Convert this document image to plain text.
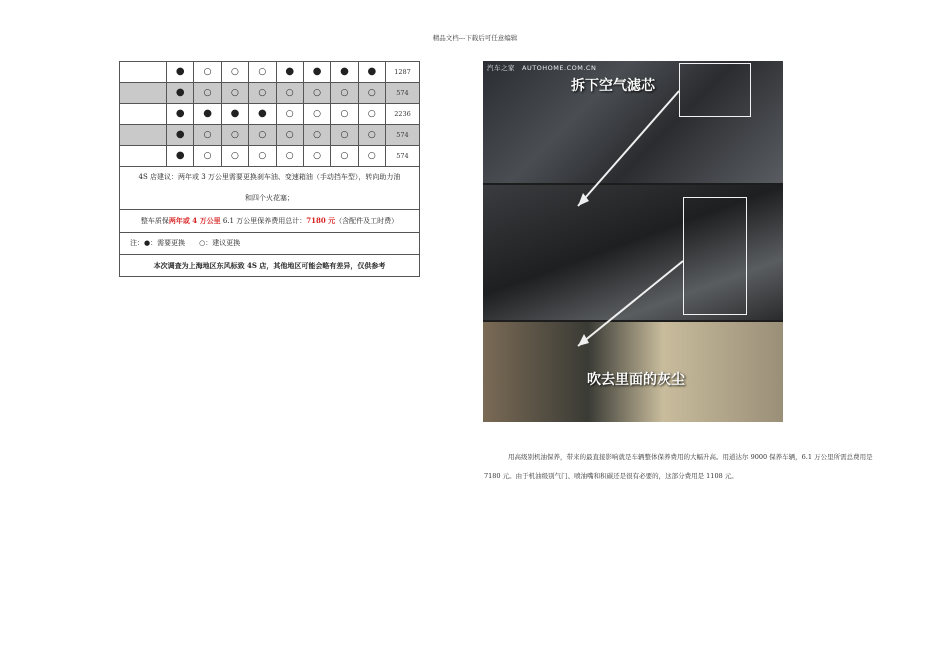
精品文档---下载后可任意编辑
	●	○	○	○	●	●	●	●	1287
	●	○	○	○	○	○	○	○	574
	●	●	●	●	○	○	○	○	2236
	●	○	○	○	○	○	○	○	574
	●	○	○	○	○	○	○	○	574
4S 店建议：两年或 3 万公里需要更换刹车油、变速箱油（手动挡车型），转向助力油
和四个火花塞；									
整车质保两年或 4 万公里 6.1 万公里保养费用总计：7180 元（含配件及工时费）									
注：●：需要更换　　○：建议更换									
本次调查为上海地区东风标致 4S 店，其他地区可能会略有差异，仅供参考									
汽车之家　AUTOHOME.COM.CN
拆下空气滤芯
吹去里面的灰尘
用高级别机油保养，带来的最直接影响就是车辆整体保养费用的大幅升高。用道达尔 9000 保养车辆，6.1 万公里所需总费用是 7180 元。由于机油级别气门、喷油嘴和积碳还是很有必要的，这部分费用是 1108 元。
